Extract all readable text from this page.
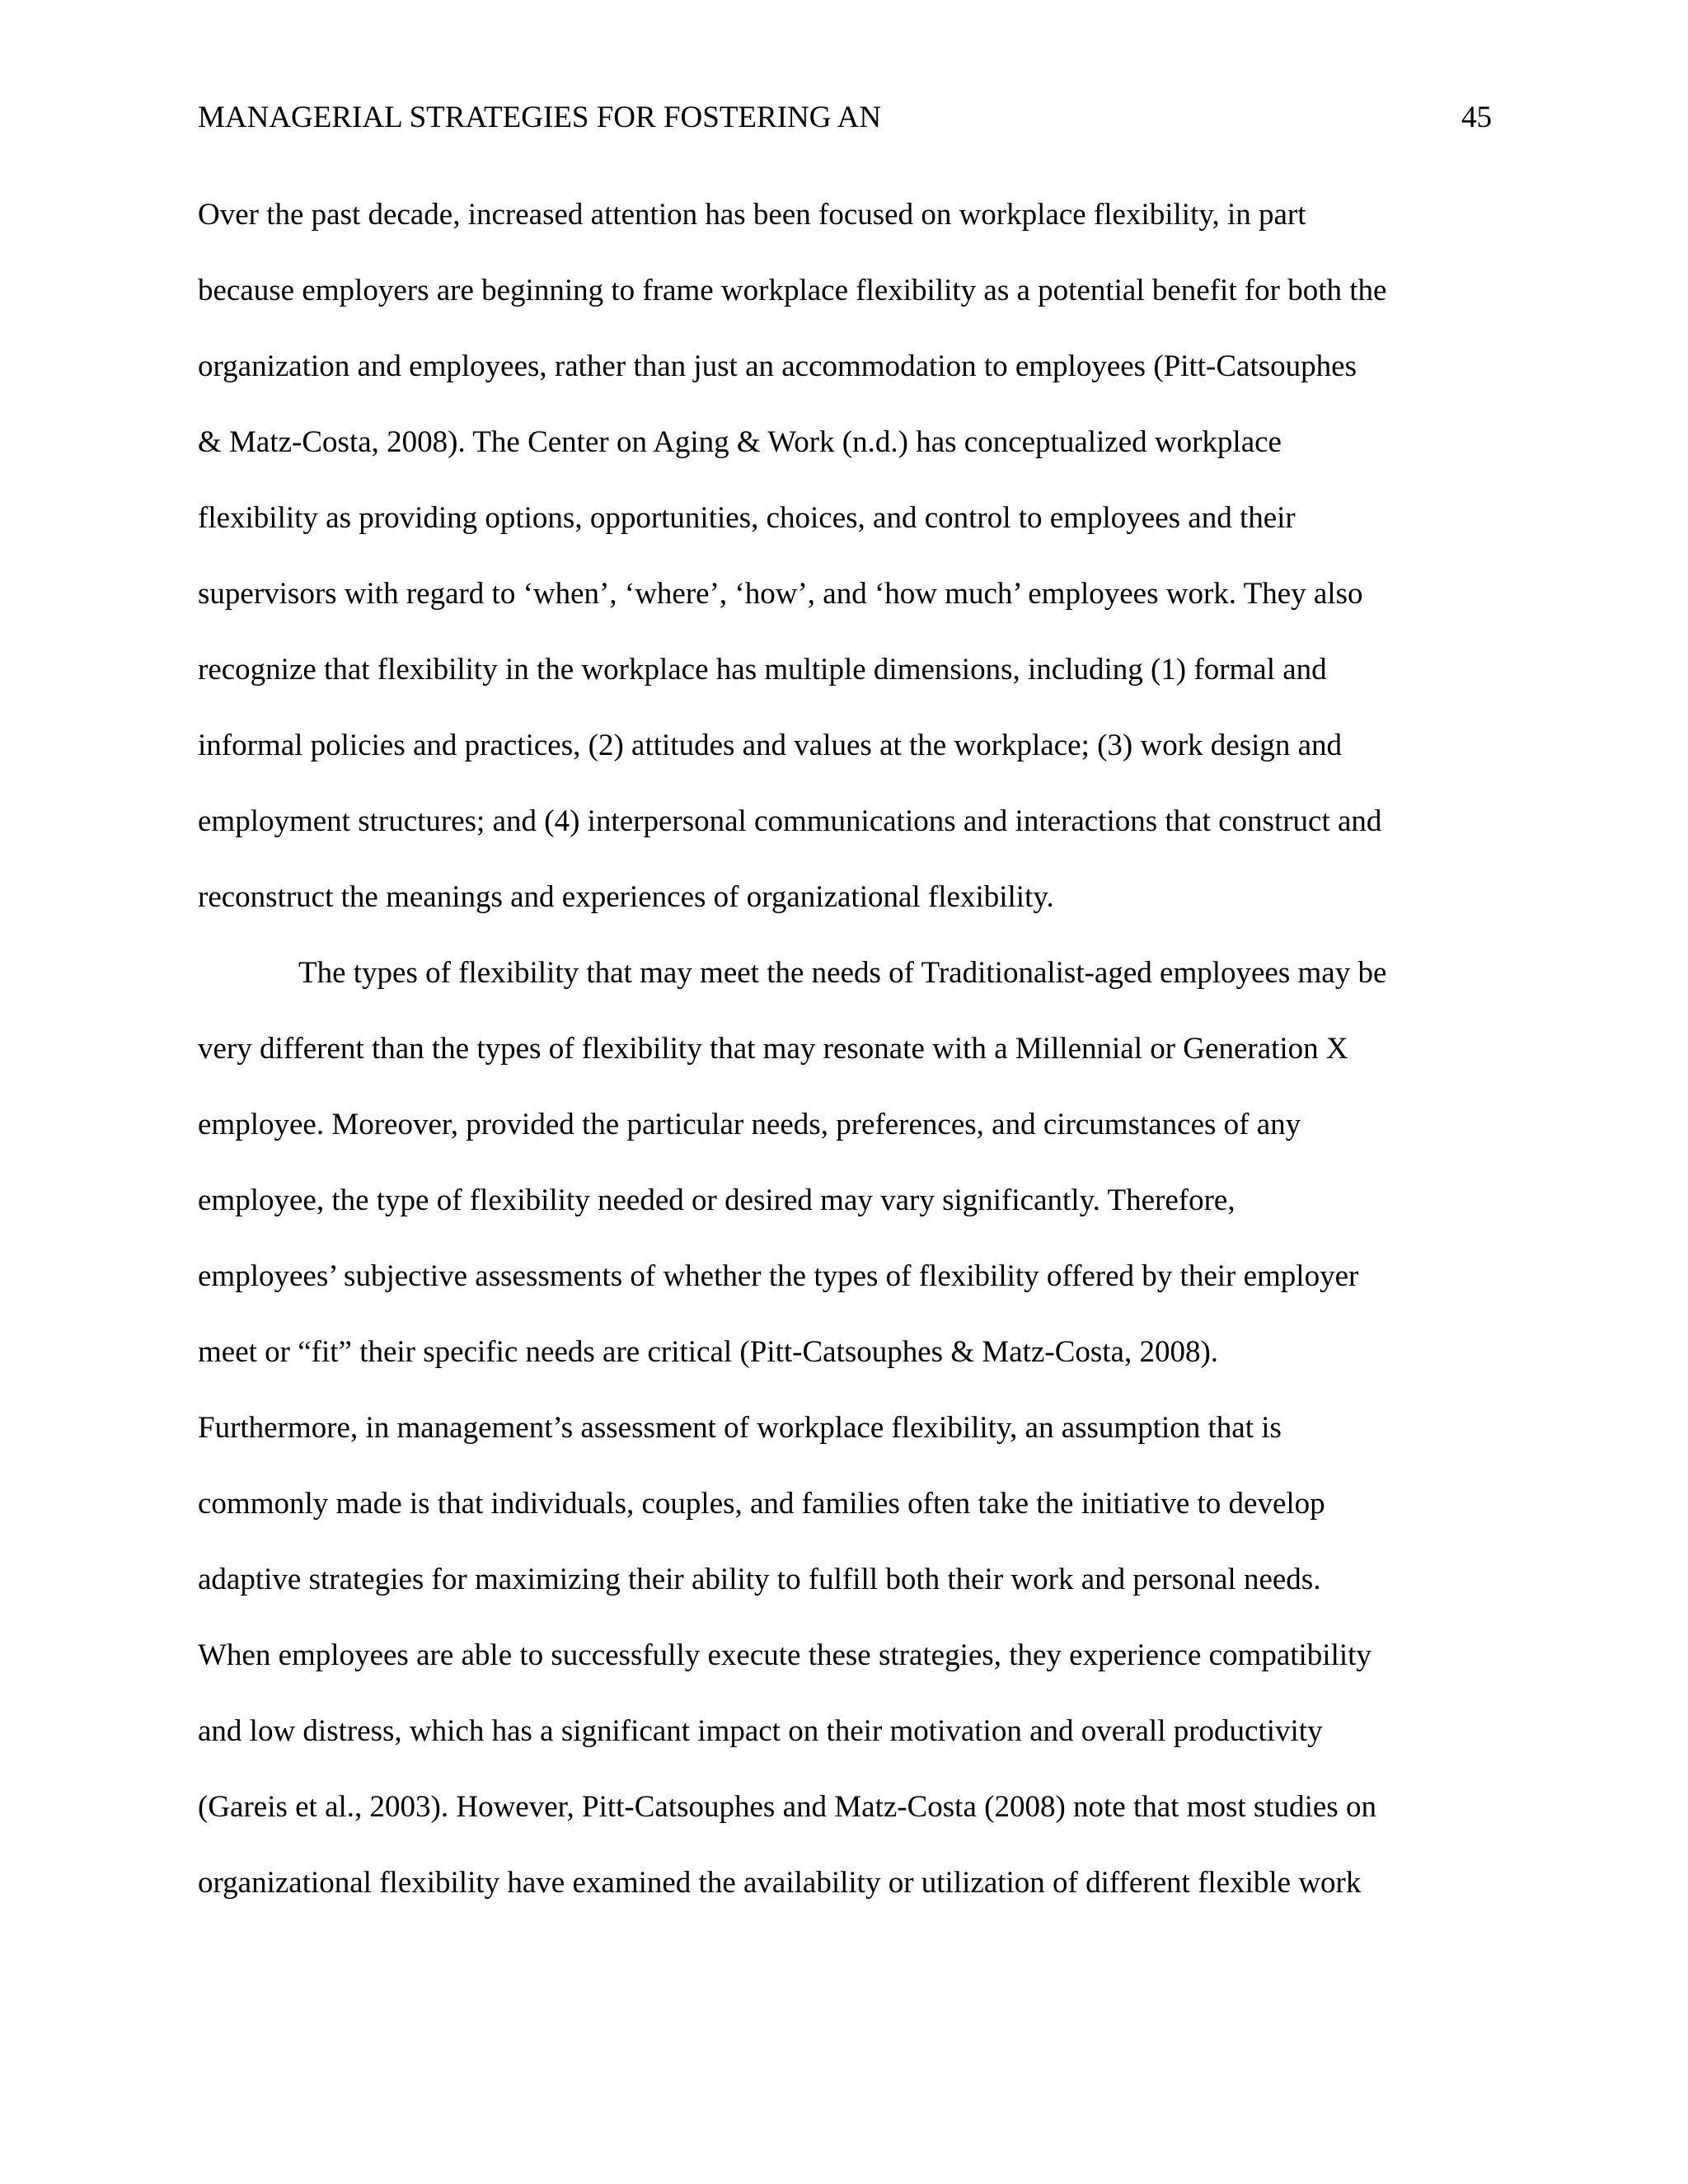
MANAGERIAL STRATEGIES FOR FOSTERING AN	45
Over the past decade, increased attention has been focused on workplace flexibility, in part
because employers are beginning to frame workplace flexibility as a potential benefit for both the
organization and employees, rather than just an accommodation to employees (Pitt-Catsouphes
& Matz-Costa, 2008). The Center on Aging & Work (n.d.) has conceptualized workplace
flexibility as providing options, opportunities, choices, and control to employees and their
supervisors with regard to ‘when’, ‘where’, ‘how’, and ‘how much’ employees work. They also
recognize that flexibility in the workplace has multiple dimensions, including (1) formal and
informal policies and practices, (2) attitudes and values at the workplace; (3) work design and
employment structures; and (4) interpersonal communications and interactions that construct and
reconstruct the meanings and experiences of organizational flexibility.
The types of flexibility that may meet the needs of Traditionalist-aged employees may be
very different than the types of flexibility that may resonate with a Millennial or Generation X
employee. Moreover, provided the particular needs, preferences, and circumstances of any
employee, the type of flexibility needed or desired may vary significantly. Therefore,
employees’ subjective assessments of whether the types of flexibility offered by their employer
meet or “fit” their specific needs are critical (Pitt-Catsouphes & Matz-Costa, 2008).
Furthermore, in management’s assessment of workplace flexibility, an assumption that is
commonly made is that individuals, couples, and families often take the initiative to develop
adaptive strategies for maximizing their ability to fulfill both their work and personal needs.
When employees are able to successfully execute these strategies, they experience compatibility
and low distress, which has a significant impact on their motivation and overall productivity
(Gareis et al., 2003). However, Pitt-Catsouphes and Matz-Costa (2008) note that most studies on
organizational flexibility have examined the availability or utilization of different flexible work
